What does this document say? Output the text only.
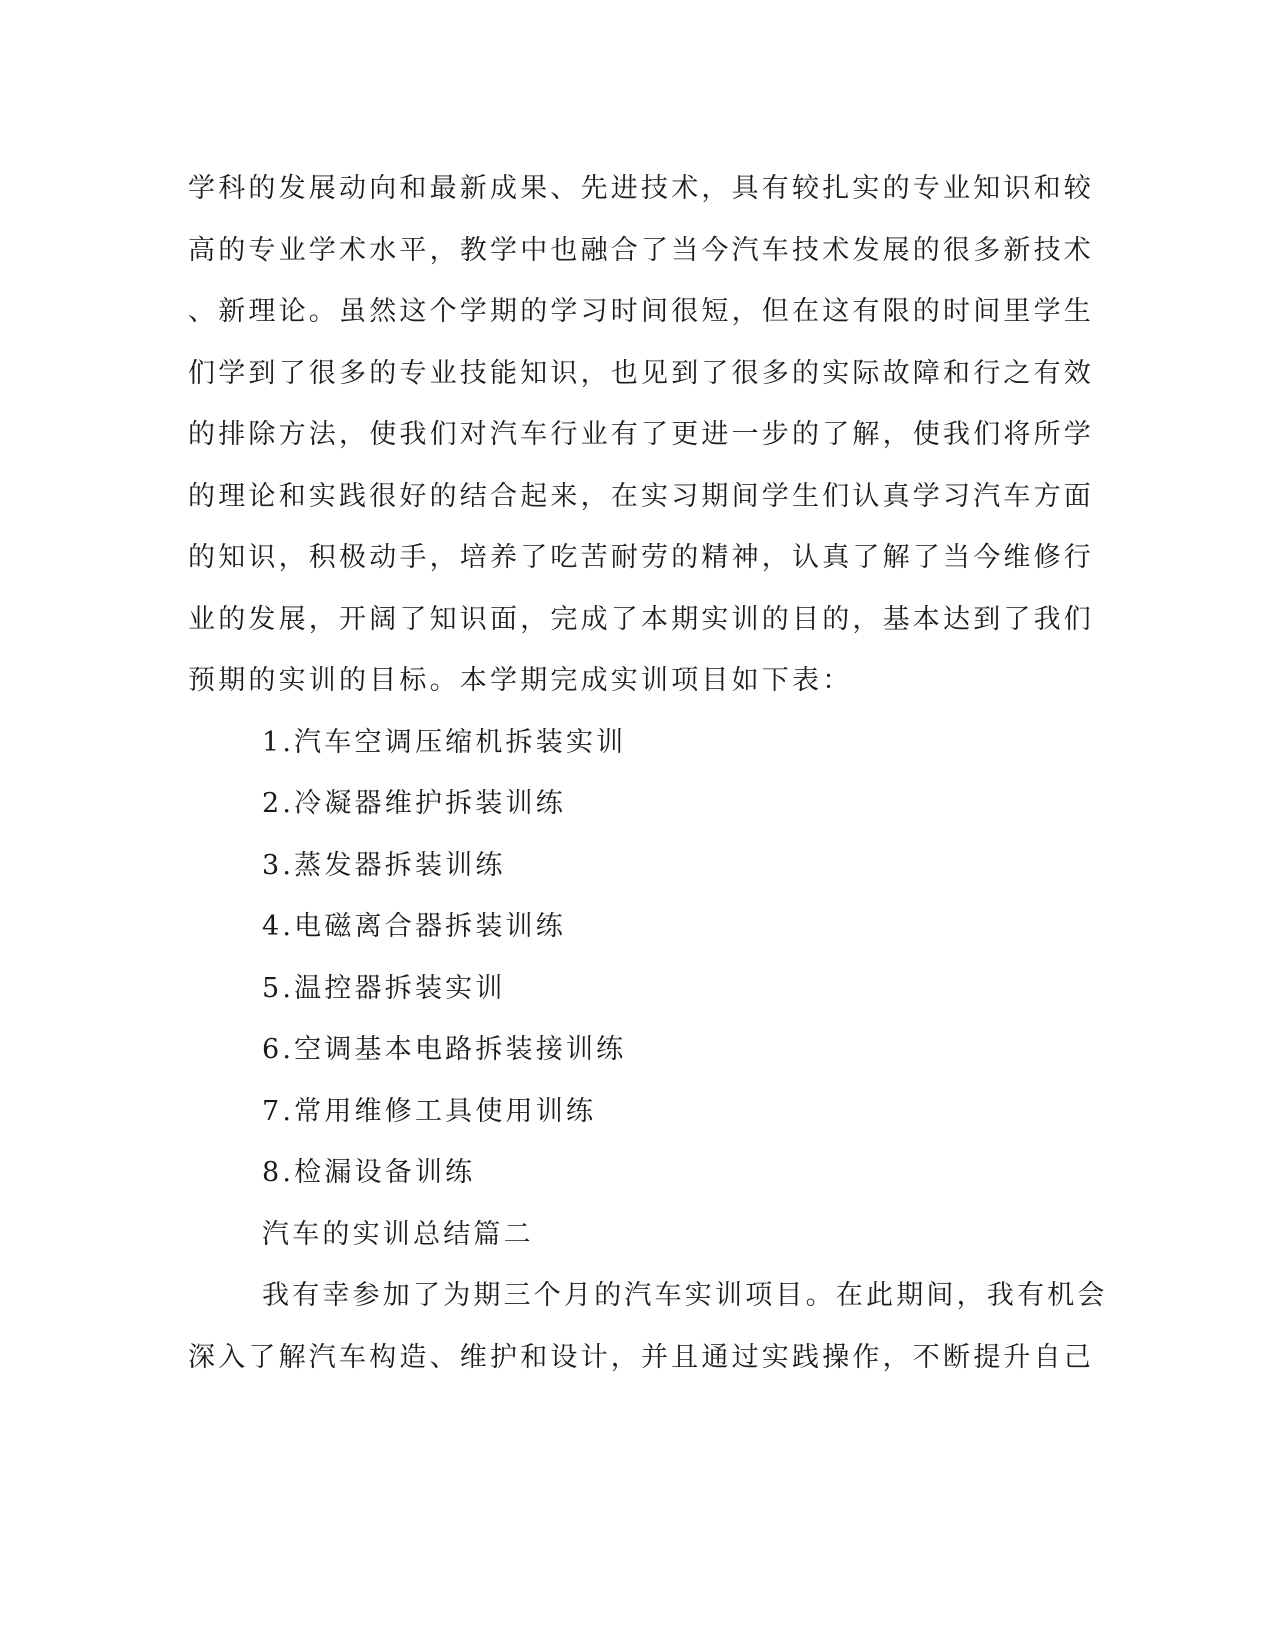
学科的发展动向和最新成果、先进技术，具有较扎实的专业知识和较
高的专业学术水平，教学中也融合了当今汽车技术发展的很多新技术
、新理论。虽然这个学期的学习时间很短，但在这有限的时间里学生
们学到了很多的专业技能知识，也见到了很多的实际故障和行之有效
的排除方法，使我们对汽车行业有了更进一步的了解，使我们将所学
的理论和实践很好的结合起来，在实习期间学生们认真学习汽车方面
的知识，积极动手，培养了吃苦耐劳的精神，认真了解了当今维修行
业的发展，开阔了知识面，完成了本期实训的目的，基本达到了我们
预期的实训的目标。本学期完成实训项目如下表：
1.汽车空调压缩机拆装实训
2.冷凝器维护拆装训练
3.蒸发器拆装训练
4.电磁离合器拆装训练
5.温控器拆装实训
6.空调基本电路拆装接训练
7.常用维修工具使用训练
8.检漏设备训练
汽车的实训总结篇二
我有幸参加了为期三个月的汽车实训项目。在此期间，我有机会
深入了解汽车构造、维护和设计，并且通过实践操作，不断提升自己
